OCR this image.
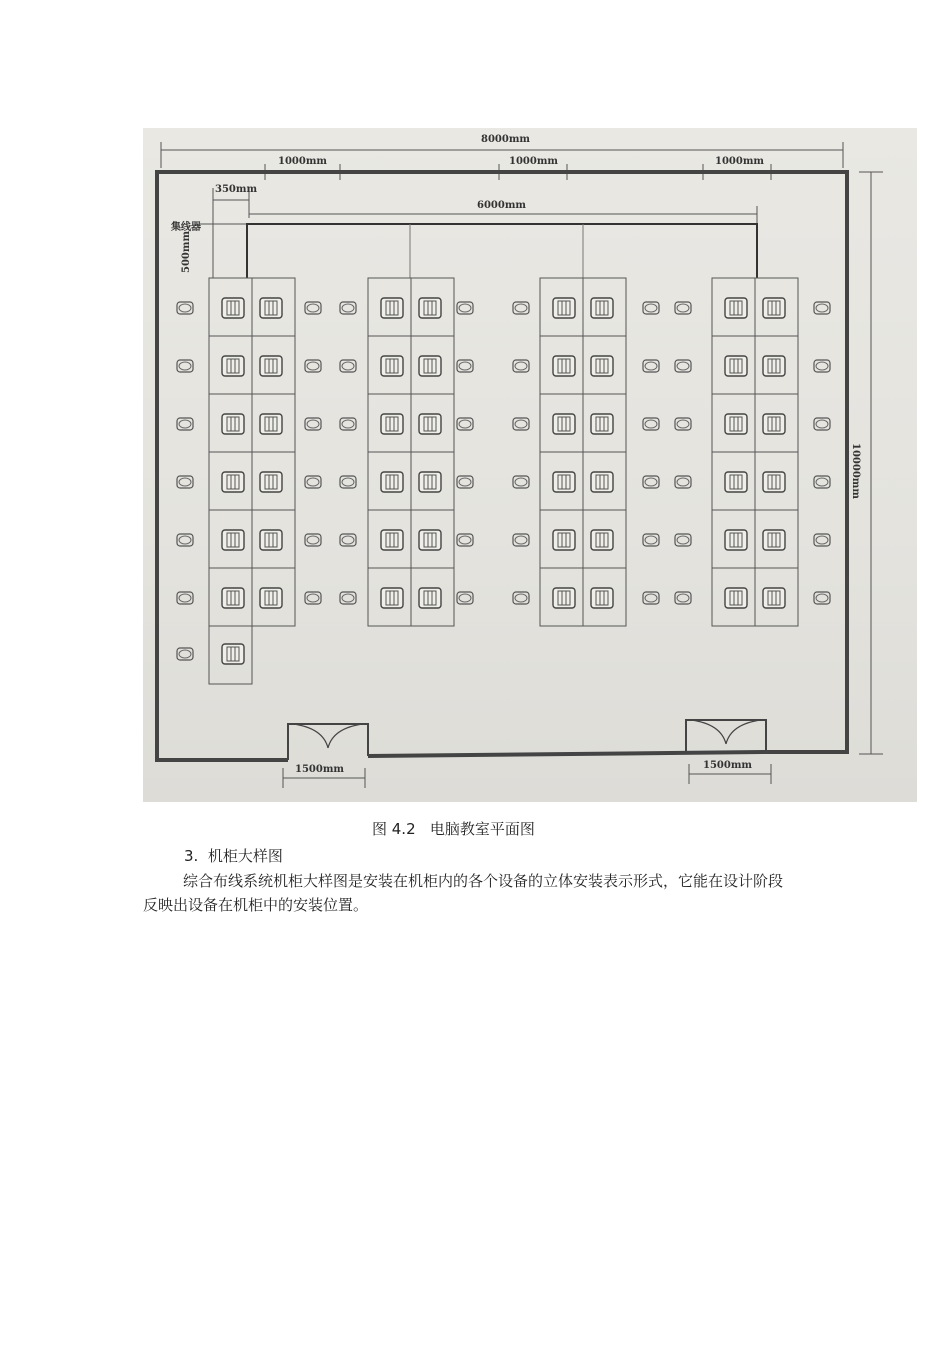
8000mm
1000mm	1000mm	1000mm
350mm
6000mm
集线器
500mm
10000mm
1500mm	1500mm
图 4.2   电脑教室平面图
3. 机柜大样图
综合布线系统机柜大样图是安装在机柜内的各个设备的立体安装表示形式，它能在设计阶段反映出设备在机柜中的安装位置。
